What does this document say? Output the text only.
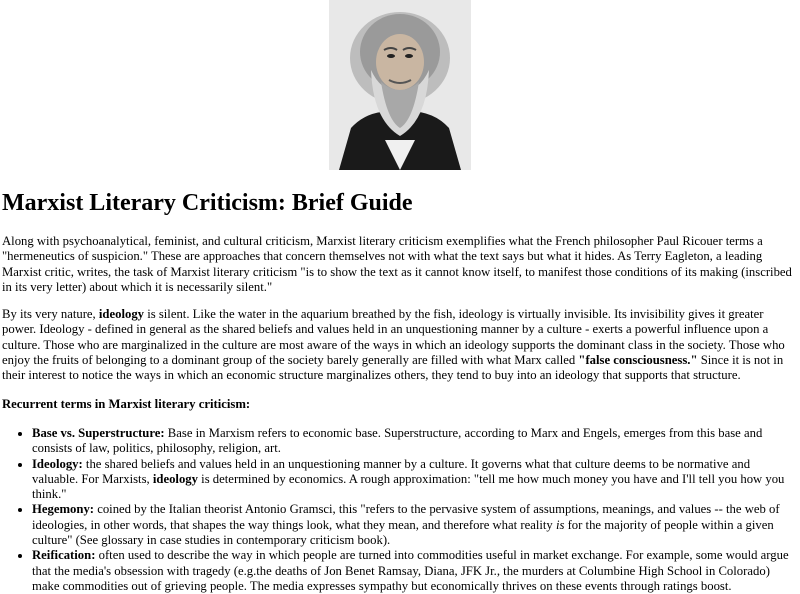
Marxist Literary Criticism: Brief Guide

Along with psychoanalytical, feminist, and cultural criticism, Marxist literary criticism exemplifies what the French philosopher Paul Ricouer terms a "hermeneutics of suspicion." These are approaches that concern themselves not with what the text says but what it hides. As Terry Eagleton, a leading Marxist critic, writes, the task of Marxist literary criticism "is to show the text as it cannot know itself, to manifest those conditions of its making (inscribed in its very letter) about which it is necessarily silent."

By its very nature, ideology is silent. Like the water in the aquarium breathed by the fish, ideology is virtually invisible. Its invisibility gives it greater power. Ideology - defined in general as the shared beliefs and values held in an unquestioning manner by a culture - exerts a powerful influence upon a culture. Those who are marginalized in the culture are most aware of the ways in which an ideology supports the dominant class in the society. Those who enjoy the fruits of belonging to a dominant group of the society barely generally are filled with what Marx called "false consciousness." Since it is not in their interest to notice the ways in which an economic structure marginalizes others, they tend to buy into an ideology that supports that structure.

Recurrent terms in Marxist literary criticism:

• Base vs. Superstructure: Base in Marxism refers to economic base. Superstructure, according to Marx and Engels, emerges from this base and consists of law, politics, philosophy, religion, art.
• Ideology: the shared beliefs and values held in an unquestioning manner by a culture. It governs what that culture deems to be normative and valuable. For Marxists, ideology is determined by economics. A rough approximation: "tell me how much money you have and I'll tell you how you think."
• Hegemony: coined by the Italian theorist Antonio Gramsci, this "refers to the pervasive system of assumptions, meanings, and values -- the web of ideologies, in other words, that shapes the way things look, what they mean, and therefore what reality is for the majority of people within a given culture" (See glossary in case studies in contemporary criticism book).
• Reification: often used to describe the way in which people are turned into commodities useful in market exchange. For example, some would argue that the media's obsession with tragedy (e.g.the deaths of Jon Benet Ramsay, Diana, JFK Jr., the murders at Columbine High School in Colorado) make commodities out of grieving people. The media expresses sympathy but economically thrives on these events through ratings boost.
